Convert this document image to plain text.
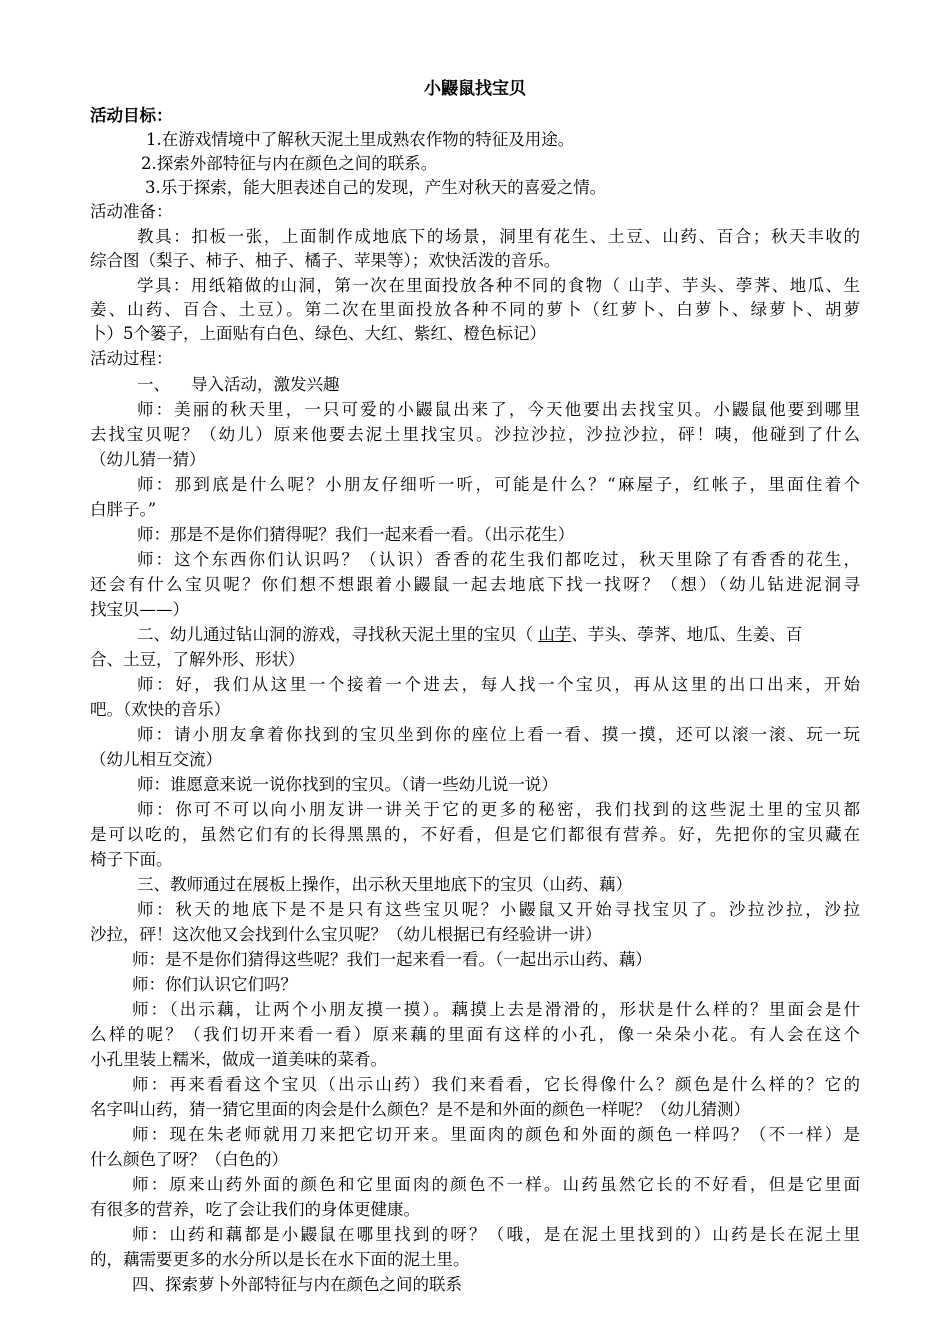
小鼹鼠找宝贝
活动目标：
1.在游戏情境中了解秋天泥土里成熟农作物的特征及用途。
2.探索外部特征与内在颜色之间的联系。
3.乐于探索，能大胆表述自己的发现，产生对秋天的喜爱之情。
活动准备：
教具：扣板一张，上面制作成地底下的场景，洞里有花生、土豆、山药、百合；秋天丰收的
综合图（梨子、柿子、柚子、橘子、苹果等）；欢快活泼的音乐。
学具：用纸箱做的山洞，第一次在里面投放各种不同的食物（ 山芋、芋头、荸荠、地瓜、生
姜、山药、百合、土豆）。第二次在里面投放各种不同的萝卜（红萝卜、白萝卜、绿萝卜、胡萝
卜）5个篓子，上面贴有白色、绿色、大红、紫红、橙色标记）
活动过程：
一、    导入活动，激发兴趣
师：美丽的秋天里，一只可爱的小鼹鼠出来了，今天他要出去找宝贝。小鼹鼠他要到哪里
去找宝贝呢？（幼儿）原来他要去泥土里找宝贝。沙拉沙拉，沙拉沙拉，砰！咦，他碰到了什么
（幼儿猜一猜）
师：那到底是什么呢？小朋友仔细听一听，可能是什么？“麻屋子，红帐子，里面住着个
白胖子。”
师：那是不是你们猜得呢？我们一起来看一看。（出示花生）
师：这个东西你们认识吗？（认识）香香的花生我们都吃过，秋天里除了有香香的花生，
还会有什么宝贝呢？你们想不想跟着小鼹鼠一起去地底下找一找呀？（想）（幼儿钻进泥洞寻
找宝贝——）
二、幼儿通过钻山洞的游戏，寻找秋天泥土里的宝贝（ 山芋、芋头、荸荠、地瓜、生姜、百
合、土豆，了解外形、形状）
师：好，我们从这里一个接着一个进去，每人找一个宝贝，再从这里的出口出来，开始
吧。（欢快的音乐）
师：请小朋友拿着你找到的宝贝坐到你的座位上看一看、摸一摸，还可以滚一滚、玩一玩
（幼儿相互交流）
师：谁愿意来说一说你找到的宝贝。（请一些幼儿说一说）
师：你可不可以向小朋友讲一讲关于它的更多的秘密，我们找到的这些泥土里的宝贝都
是可以吃的，虽然它们有的长得黑黑的，不好看，但是它们都很有营养。好，先把你的宝贝藏在
椅子下面。
三、教师通过在展板上操作，出示秋天里地底下的宝贝（山药、藕）
师：秋天的地底下是不是只有这些宝贝呢？小鼹鼠又开始寻找宝贝了。沙拉沙拉，沙拉
沙拉，砰！这次他又会找到什么宝贝呢？（幼儿根据已有经验讲一讲）
师：是不是你们猜得这些呢？我们一起来看一看。（一起出示山药、藕）
师：你们认识它们吗？
师：（出示藕，让两个小朋友摸一摸）。藕摸上去是滑滑的，形状是什么样的？里面会是什
么样的呢？（我们切开来看一看）原来藕的里面有这样的小孔，像一朵朵小花。有人会在这个
小孔里装上糯米，做成一道美味的菜肴。
师：再来看看这个宝贝（出示山药）我们来看看，它长得像什么？颜色是什么样的？它的
名字叫山药，猜一猜它里面的肉会是什么颜色？是不是和外面的颜色一样呢？（幼儿猜测）
师：现在朱老师就用刀来把它切开来。里面肉的颜色和外面的颜色一样吗？（不一样）是
什么颜色了呀？（白色的）
师：原来山药外面的颜色和它里面肉的颜色不一样。山药虽然它长的不好看，但是它里面
有很多的营养，吃了会让我们的身体更健康。
师：山药和藕都是小鼹鼠在哪里找到的呀？（哦，是在泥土里找到的）山药是长在泥土里
的，藕需要更多的水分所以是长在水下面的泥土里。
四、探索萝卜外部特征与内在颜色之间的联系
